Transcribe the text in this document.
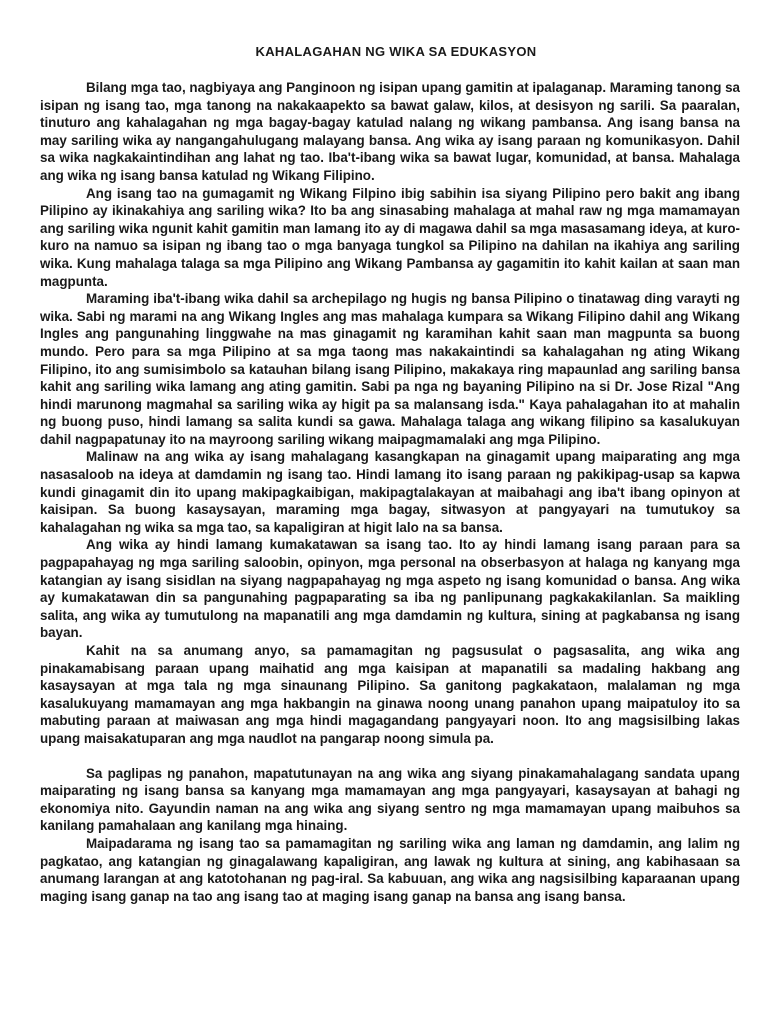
KAHALAGAHAN NG WIKA SA EDUKASYON

Bilang mga tao, nagbiyaya ang Panginoon ng isipan upang gamitin at ipalaganap. Maraming tanong sa isipan ng isang tao, mga tanong na nakakaapekto sa bawat galaw, kilos, at desisyon ng sarili. Sa paaralan, tinuturo ang kahalagahan ng mga bagay-bagay katulad nalang ng wikang pambansa. Ang isang bansa na may sariling wika ay nangangahulugang malayang bansa. Ang wika ay isang paraan ng komunikasyon. Dahil sa wika nagkakaintindihan ang lahat ng tao. Iba't-ibang wika sa bawat lugar, komunidad, at bansa. Mahalaga ang wika ng isang bansa katulad ng Wikang Filipino.

Ang isang tao na gumagamit ng Wikang Filpino ibig sabihin isa siyang Pilipino pero bakit ang ibang Pilipino ay ikinakahiya ang sariling wika? Ito ba ang sinasabing mahalaga at mahal raw ng mga mamamayan ang sariling wika ngunit kahit gamitin man lamang ito ay di magawa dahil sa mga masasamang ideya, at kuro-kuro na namuo sa isipan ng ibang tao o mga banyaga tungkol sa Pilipino na dahilan na ikahiya ang sariling wika. Kung mahalaga talaga sa mga Pilipino ang Wikang Pambansa ay gagamitin ito kahit kailan at saan man magpunta.

Maraming iba't-ibang wika dahil sa archepilago ng hugis ng bansa Pilipino o tinatawag ding varayti ng wika. Sabi ng marami na ang Wikang Ingles ang mas mahalaga kumpara sa Wikang Filipino dahil ang Wikang Ingles ang pangunahing linggwahe na mas ginagamit ng karamihan kahit saan man magpunta sa buong mundo. Pero para sa mga Pilipino at sa mga taong mas nakakaintindi sa kahalagahan ng ating Wikang Filipino, ito ang sumisimbolo sa katauhan bilang isang Pilipino, makakaya ring mapaunlad ang sariling bansa kahit ang sariling wika lamang ang ating gamitin. Sabi pa nga ng bayaning Pilipino na si Dr. Jose Rizal "Ang hindi marunong magmahal sa sariling wika ay higit pa sa malansang isda." Kaya pahalagahan ito at mahalin ng buong puso, hindi lamang sa salita kundi sa gawa. Mahalaga talaga ang wikang filipino sa kasalukuyan dahil nagpapatunay ito na mayroong sariling wikang maipagmamalaki ang mga Pilipino.

Malinaw na ang wika ay isang mahalagang kasangkapan na ginagamit upang maiparating ang mga nasasaloob na ideya at damdamin ng isang tao. Hindi lamang ito isang paraan ng pakikipag-usap sa kapwa kundi ginagamit din ito upang makipagkaibigan, makipagtalakayan at maibahagi ang iba't ibang opinyon at kaisipan. Sa buong kasaysayan, maraming mga bagay, sitwasyon at pangyayari na tumutukoy sa kahalagahan ng wika sa mga tao, sa kapaligiran at higit lalo na sa bansa.

Ang wika ay hindi lamang kumakatawan sa isang tao. Ito ay hindi lamang isang paraan para sa pagpapahayag ng mga sariling saloobin, opinyon, mga personal na obserbasyon at halaga ng kanyang mga katangian ay isang sisidlan na siyang nagpapahayag ng mga aspeto ng isang komunidad o bansa. Ang wika ay kumakatawan din sa pangunahing pagpaparating sa iba ng panlipunang pagkakakilanlan. Sa maikling salita, ang wika ay tumutulong na mapanatili ang mga damdamin ng kultura, sining at pagkabansa ng isang bayan.

Kahit na sa anumang anyo, sa pamamagitan ng pagsusulat o pagsasalita, ang wika ang pinakamabisang paraan upang maihatid ang mga kaisipan at mapanatili sa madaling hakbang ang kasaysayan at mga tala ng mga sinaunang Pilipino. Sa ganitong pagkakataon, malalaman ng mga kasalukuyang mamamayan ang mga hakbangin na ginawa noong unang panahon upang maipatuloy ito sa mabuting paraan at maiwasan ang mga hindi magagandang pangyayari noon. Ito ang magsisilbing lakas upang maisakatuparan ang mga naudlot na pangarap noong simula pa.

Sa paglipas ng panahon, mapatutunayan na ang wika ang siyang pinakamahalagang sandata upang maiparating ng isang bansa sa kanyang mga mamamayan ang mga pangyayari, kasaysayan at bahagi ng ekonomiya nito. Gayundin naman na ang wika ang siyang sentro ng mga mamamayan upang maibuhos sa kanilang pamahalaan ang kanilang mga hinaing.

Maipadarama ng isang tao sa pamamagitan ng sariling wika ang laman ng damdamin, ang lalim ng pagkatao, ang katangian ng ginagalawang kapaligiran, ang lawak ng kultura at sining, ang kabihasaan sa anumang larangan at ang katotohanan ng pag-iral. Sa kabuuan, ang wika ang nagsisilbing kaparaanan upang maging isang ganap na tao ang isang tao at maging isang ganap na bansa ang isang bansa.
